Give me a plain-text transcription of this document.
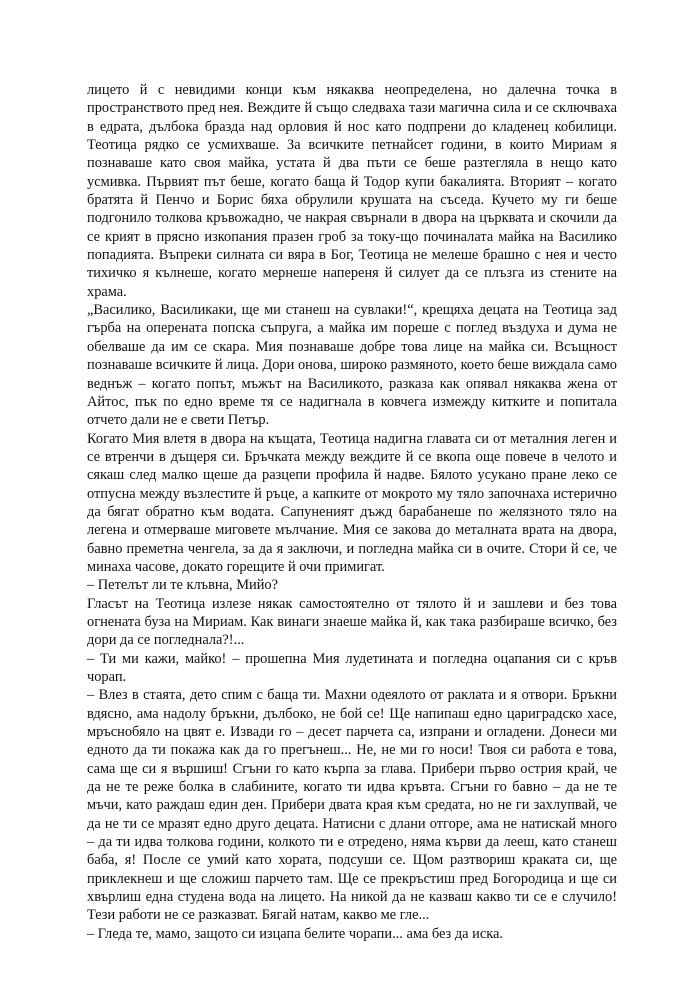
лицето й с невидими конци към някаква неопределена, но далечна точка в пространството пред нея. Веждите й също следваха тази магична сила и се сключваха в едрата, дълбока бразда над орловия й нос като подпрени до кладенец кобилици. Теотица рядко се усмихваше. За всичките петнайсет години, в които Мириам я познаваше като своя майка, устата й два пъти се беше разтегляла в нещо като усмивка. Първият път беше, когато баща й Тодор купи бакалията. Вторият – когато братята й Пенчо и Борис бяха обрулили крушата на съседа. Кучето му ги беше подгонило толкова кръвожадно, че накрая свърнали в двора на църквата и скочили да се крият в прясно изкопания празен гроб за току-що починалата майка на Василико попадията. Въпреки силната си вяра в Бог, Теотица не мелеше брашно с нея и често тихичко я кълнеше, когато мернеше напереня й силует да се плъзга из стените на храма.

„Василико, Василикаки, ще ми станеш на сувлаки!“, крещяха децата на Теотица зад гърба на оперената попска съпруга, а майка им пореше с поглед въздуха и дума не обелваше да им се скара. Мия познаваше добре това лице на майка си. Всъщност познаваше всичките й лица. Дори онова, широко размяното, което беше виждала само веднъж – когато попът, мъжът на Василикото, разказа как опявал някаква жена от Айтос, пък по едно време тя се надигнала в ковчега измежду китките и попитала отчето дали не е свети Петър.

Когато Мия влетя в двора на къщата, Теотица надигна главата си от металния леген и се втренчи в дъщеря си. Бръчката между веждите й се вкопа още повече в челото и сякаш след малко щеше да разцепи профила й надве. Бялото усукано пране леко се отпусна между възлестите й ръце, а капките от мокрото му тяло започнаха истерично да бягат обратно към водата. Сапуненият дъжд барабанеше по желязното тяло на легена и отмерваше миговете мълчание. Мия се закова до металната врата на двора, бавно преметна ченгела, за да я заключи, и погледна майка си в очите. Стори й се, че минаха часове, докато горещите й очи примигат.

– Петелът ли те клъвна, Мийо?

Гласът на Теотица излезе някак самостоятелно от тялото й и зашлеви и без това огнената буза на Мириам. Как винаги знаеше майка й, как така разбираше всичко, без дори да се погледнала?!...

– Ти ми кажи, майко! – прошепна Мия лудетината и погледна оцапания си с кръв чорап.

– Влез в стаята, дето спим с баща ти. Махни одеялото от раклата и я отвори. Бръкни вдясно, ама надолу бръкни, дълбоко, не бой се! Ще напипаш едно цариградско хасе, мръснобяло на цвят е. Извади го – десет парчета са, изпрани и огладени. Донеси ми едното да ти покажа как да го прегънеш... Не, не ми го носи! Твоя си работа е това, сама ще си я вършиш! Сгъни го като кърпа за глава. Прибери първо острия край, че да не те реже болка в слабините, когато ти идва кръвта. Сгъни го бавно – да не те мъчи, като раждаш един ден. Прибери двата края към средата, но не ги захлупвай, че да не ти се мразят едно друго децата. Натисни с длани отгоре, ама не натискай много – да ти идва толкова години, колкото ти е отредено, няма кърви да лееш, като станеш баба, я! После се умий като хората, подсуши се. Щом разтвориш краката си, ще приклекнеш и ще сложиш парчето там. Ще се прекръстиш пред Богородица и ще си хвърлиш една студена вода на лицето. На никой да не казваш какво ти се е случило! Тези работи не се разказват. Бягай натам, какво ме гле...

– Гледа те, мамо, защото си изцапа белите чорапи... ама без да иска.
